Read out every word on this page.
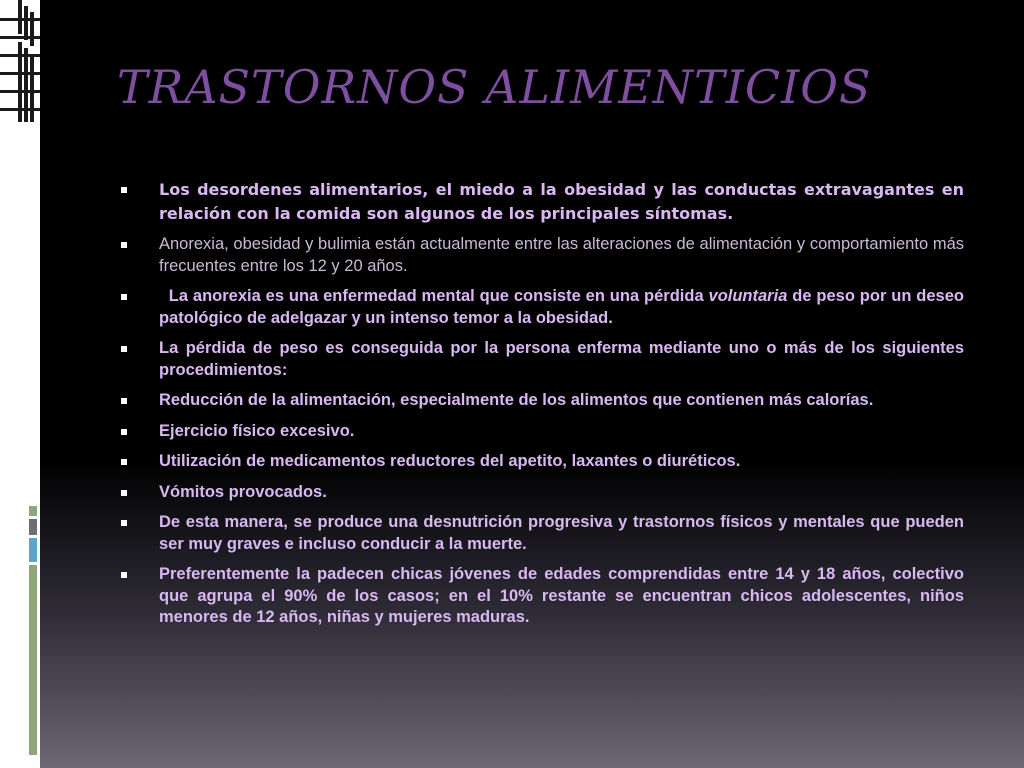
TRASTORNOS ALIMENTICIOS
Los desordenes alimentarios, el miedo a la obesidad y las conductas extravagantes en relación con la comida son algunos de los principales síntomas.
Anorexia, obesidad y bulimia están actualmente entre las alteraciones de alimentación y comportamiento más frecuentes entre los 12 y 20 años.
La anorexia es una enfermedad mental que consiste en una pérdida voluntaria de peso por un deseo patológico de adelgazar y un intenso temor a la obesidad.
La pérdida de peso es conseguida por la persona enferma mediante uno o más de los siguientes procedimientos:
Reducción de la alimentación, especialmente de los alimentos que contienen más calorías.
Ejercicio físico excesivo.
Utilización de medicamentos reductores del apetito, laxantes o diuréticos.
Vómitos provocados.
De esta manera, se produce una desnutrición progresiva y trastornos físicos y mentales que pueden ser muy graves e incluso conducir a la muerte.
Preferentemente la padecen chicas jóvenes de edades comprendidas entre 14 y 18 años, colectivo que agrupa el 90% de los casos; en el 10% restante se encuentran chicos adolescentes, niños menores de 12 años, niñas y mujeres maduras.
